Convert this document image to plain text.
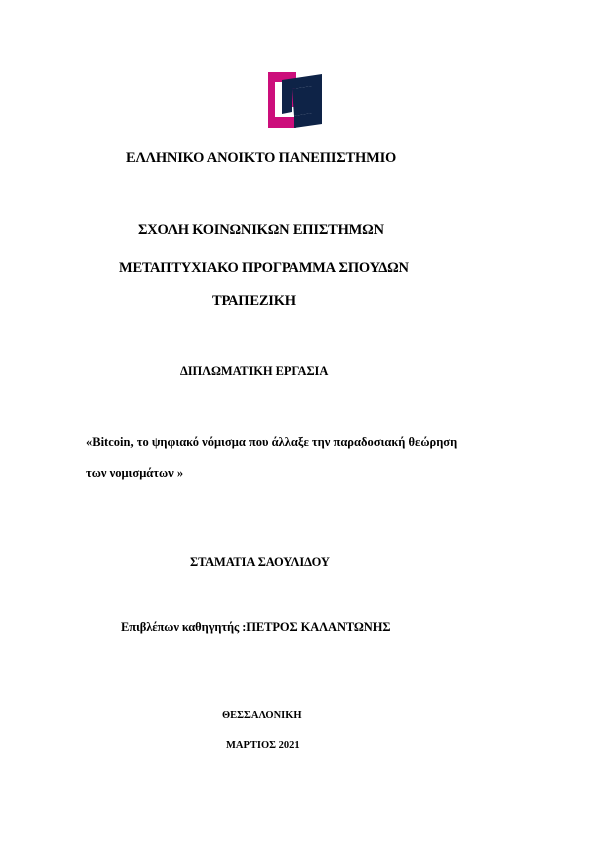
ΕΛΛΗΝΙΚΟ ΑΝΟΙΚΤΟ ΠΑΝΕΠΙΣΤΗΜΙΟ
ΣΧΟΛΗ ΚΟΙΝΩΝΙΚΩΝ ΕΠΙΣΤΗΜΩΝ
ΜΕΤΑΠΤΥΧΙΑΚΟ ΠΡΟΓΡΑΜΜΑ ΣΠΟΥΔΩΝ
ΤΡΑΠΕΖΙΚΗ
ΔΙΠΛΩΜΑΤΙΚΗ ΕΡΓΑΣΙΑ
«Bitcoin, το ψηφιακό νόμισμα που άλλαξε την παραδοσιακή θεώρηση
των νομισμάτων »
ΣΤΑΜΑΤΙΑ ΣΑΟΥΛΙΔΟΥ
Επιβλέπων καθηγητής :ΠΕΤΡΟΣ ΚΑΛΑΝΤΩΝΗΣ
ΘΕΣΣΑΛΟΝΙΚΗ
ΜΑΡΤΙΟΣ 2021
